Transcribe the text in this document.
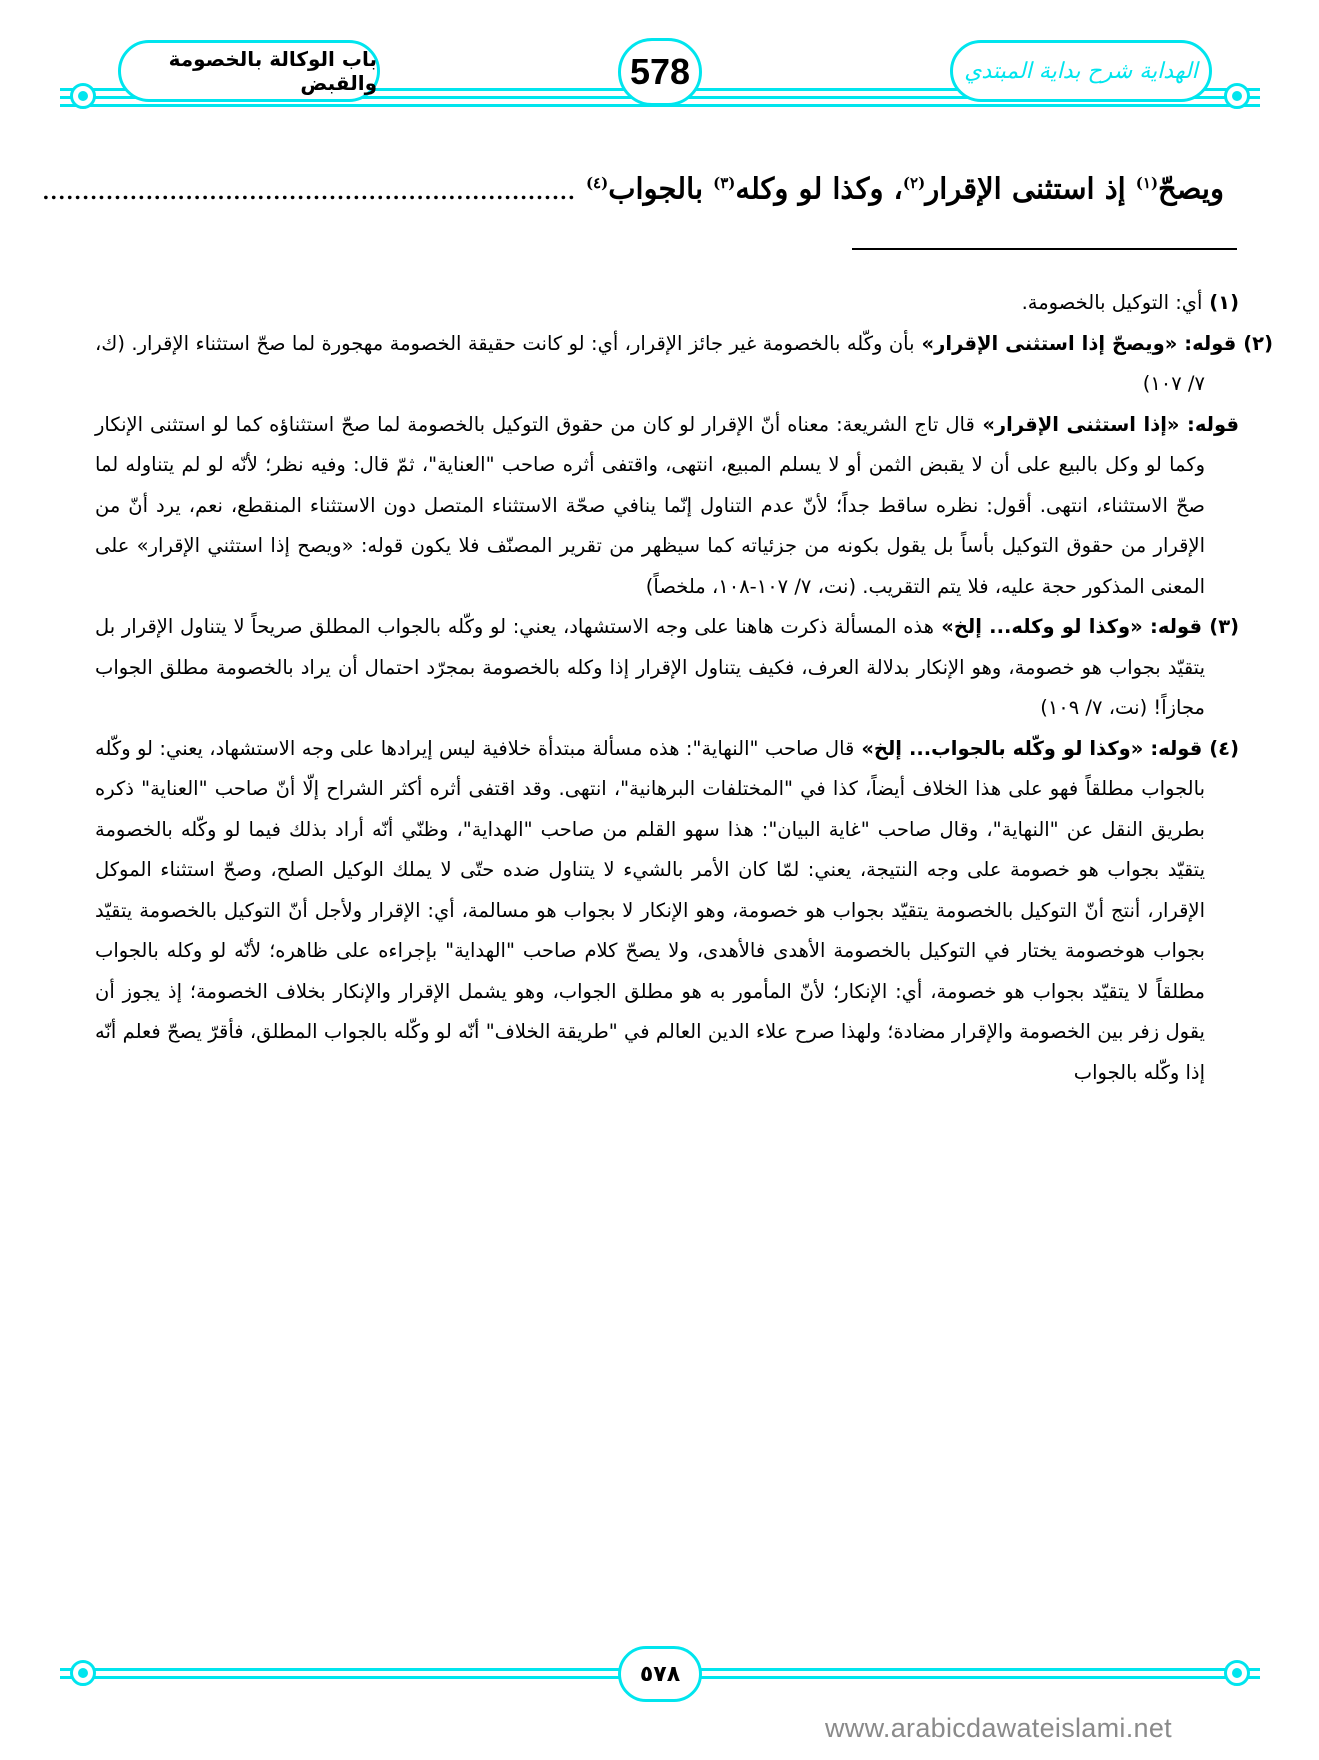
باب الوكالة بالخصومة والقبض	578	الهداية شرح بداية المبتدي
ويصحّ$^{(١)}$ إذ استثنى الإقرار$^{(٢)}$، وكذا لو وكله$^{(٣)}$ بالجواب$^{(٤)}$ ...................................................................

(١) أي: التوكيل بالخصومة.

(٢) قوله: «ويصحّ إذا استثنى الإقرار» بأن وكّله بالخصومة غير جائز الإقرار، أي: لو كانت حقيقة الخصومة مهجورة لما صحّ استثناء الإقرار. (ك، ٧/ ١٠٧)

قوله: «إذا استثنى الإقرار» قال تاج الشريعة: معناه أنّ الإقرار لو كان من حقوق التوكيل بالخصومة لما صحّ استثناؤه كما لو استثنى الإنكار وكما لو وكل بالبيع على أن لا يقبض الثمن أو لا يسلم المبيع، انتهى، واقتفى أثره صاحب "العناية"، ثمّ قال: وفيه نظر؛ لأنّه لو لم يتناوله لما صحّ الاستثناء، انتهى. أقول: نظره ساقط جداً؛ لأنّ عدم التناول إنّما ينافي صحّة الاستثناء المتصل دون الاستثناء المنقطع، نعم، يرد أنّ من الإقرار من حقوق التوكيل بأساً بل يقول بكونه من جزئياته كما سيظهر من تقرير المصنّف فلا يكون قوله: «ويصح إذا استثني الإقرار» على المعنى المذكور حجة عليه، فلا يتم التقريب. (نت، ٧/ ١٠٧-١٠٨، ملخصاً)

(٣) قوله: «وكذا لو وكله... إلخ» هذه المسألة ذكرت هاهنا على وجه الاستشهاد، يعني: لو وكّله بالجواب المطلق صريحاً لا يتناول الإقرار بل يتقيّد بجواب هو خصومة، وهو الإنكار بدلالة العرف، فكيف يتناول الإقرار إذا وكله بالخصومة بمجرّد احتمال أن يراد بالخصومة مطلق الجواب مجازاً! (نت، ٧/ ١٠٩)

(٤) قوله: «وكذا لو وكّله بالجواب... إلخ» قال صاحب "النهاية": هذه مسألة مبتدأة خلافية ليس إيرادها على وجه الاستشهاد، يعني: لو وكّله بالجواب مطلقاً فهو على هذا الخلاف أيضاً، كذا في "المختلفات البرهانية"، انتهى. وقد اقتفى أثره أكثر الشراح إلّا أنّ صاحب "العناية" ذكره بطريق النقل عن "النهاية"، وقال صاحب "غاية البيان": هذا سهو القلم من صاحب "الهداية"، وظنّي أنّه أراد بذلك فيما لو وكّله بالخصومة يتقيّد بجواب هو خصومة على وجه النتيجة، يعني: لمّا كان الأمر بالشيء لا يتناول ضده حتّى لا يملك الوكيل الصلح، وصحّ استثناء الموكل الإقرار، أنتج أنّ التوكيل بالخصومة يتقيّد بجواب هو خصومة، وهو الإنكار لا بجواب هو مسالمة، أي: الإقرار ولأجل أنّ التوكيل بالخصومة يتقيّد بجواب هوخصومة يختار في التوكيل بالخصومة الأهدى فالأهدى، ولا يصحّ كلام صاحب "الهداية" بإجراءه على ظاهره؛ لأنّه لو وكله بالجواب مطلقاً لا يتقيّد بجواب هو خصومة، أي: الإنكار؛ لأنّ المأمور به هو مطلق الجواب، وهو يشمل الإقرار والإنكار بخلاف الخصومة؛ إذ يجوز أن يقول زفر بين الخصومة والإقرار مضادة؛ ولهذا صرح علاء الدين العالم في "طريقة الخلاف" أنّه لو وكّله بالجواب المطلق، فأقرّ يصحّ فعلم أنّه إذا وكّله بالجواب

٥٧٨
www.arabicdawateislami.net
